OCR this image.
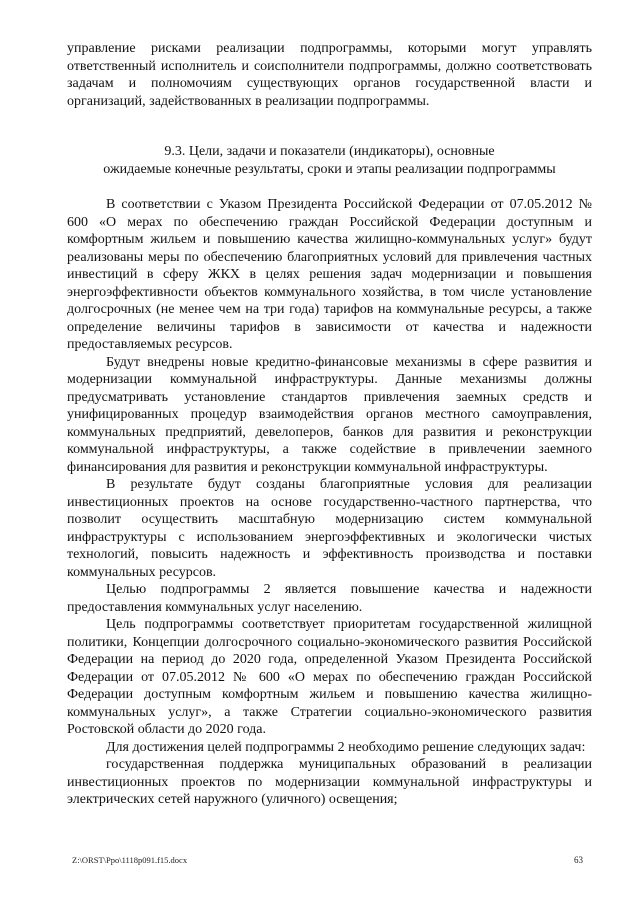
управление рисками реализации подпрограммы, которыми могут управлять ответственный исполнитель и соисполнители подпрограммы, должно соответствовать задачам и полномочиям существующих органов государственной власти и организаций, задействованных в реализации подпрограммы.

9.3. Цели, задачи и показатели (индикаторы), основные
ожидаемые конечные результаты, сроки и этапы реализации подпрограммы

В соответствии с Указом Президента Российской Федерации от 07.05.2012 № 600 «О мерах по обеспечению граждан Российской Федерации доступным и комфортным жильем и повышению качества жилищно-коммунальных услуг» будут реализованы меры по обеспечению благоприятных условий для привлечения частных инвестиций в сферу ЖКХ в целях решения задач модернизации и повышения энергоэффективности объектов коммунального хозяйства, в том числе установление долгосрочных (не менее чем на три года) тарифов на коммунальные ресурсы, а также определение величины тарифов в зависимости от качества и надежности предоставляемых ресурсов.

Будут внедрены новые кредитно-финансовые механизмы в сфере развития и модернизации коммунальной инфраструктуры. Данные механизмы должны предусматривать установление стандартов привлечения заемных средств и унифицированных процедур взаимодействия органов местного самоуправления, коммунальных предприятий, девелоперов, банков для развития и реконструкции коммунальной инфраструктуры, а также содействие в привлечении заемного финансирования для развития и реконструкции коммунальной инфраструктуры.

В результате будут созданы благоприятные условия для реализации инвестиционных проектов на основе государственно-частного партнерства, что позволит осуществить масштабную модернизацию систем коммунальной инфраструктуры с использованием энергоэффективных и экологически чистых технологий, повысить надежность и эффективность производства и поставки коммунальных ресурсов.

Целью подпрограммы 2 является повышение качества и надежности предоставления коммунальных услуг населению.

Цель подпрограммы соответствует приоритетам государственной жилищной политики, Концепции долгосрочного социально-экономического развития Российской Федерации на период до 2020 года, определенной Указом Президента Российской Федерации от 07.05.2012 № 600 «О мерах по обеспечению граждан Российской Федерации доступным комфортным жильем и повышению качества жилищно-коммунальных услуг», а также Стратегии социально-экономического развития Ростовской области до 2020 года.

Для достижения целей подпрограммы 2 необходимо решение следующих задач:

государственная поддержка муниципальных образований в реализации инвестиционных проектов по модернизации коммунальной инфраструктуры и электрических сетей наружного (уличного) освещения;

Z:\ORST\Ppo\1118p091.f15.docx	63
